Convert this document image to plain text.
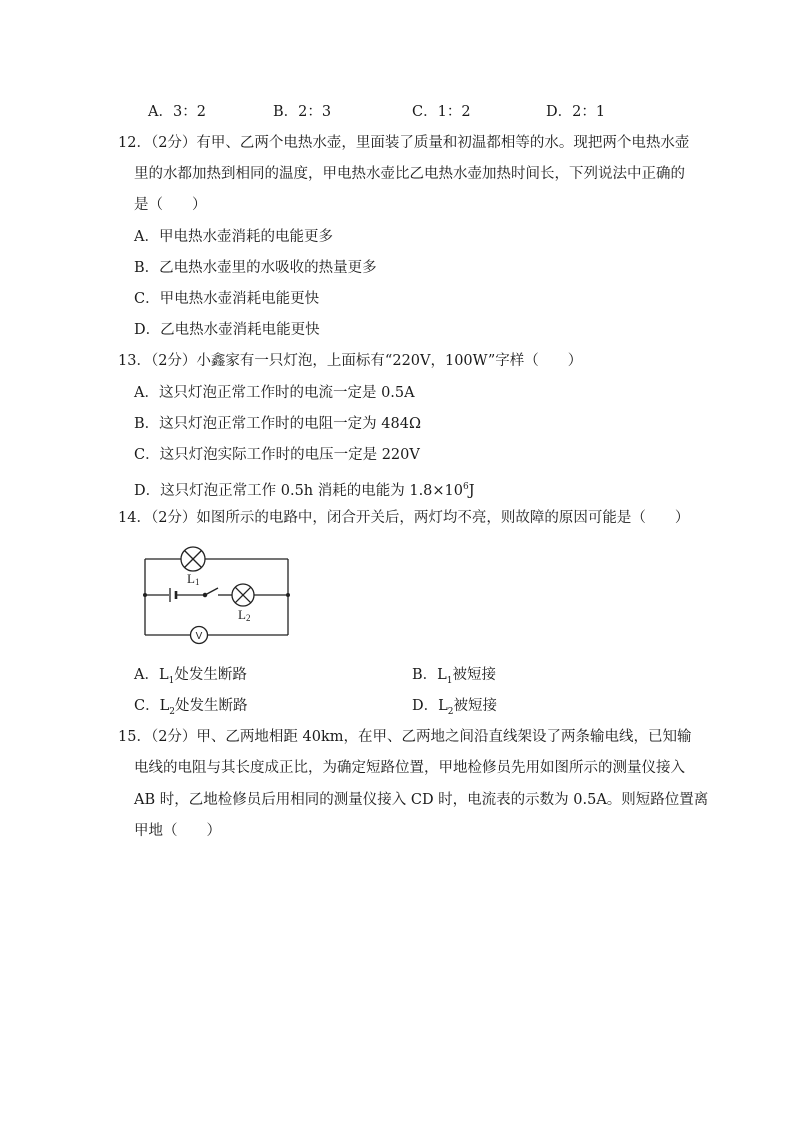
A．3：2	B．2：3	C．1：2	D．2：1
12．（2分）有甲、乙两个电热水壶，里面装了质量和初温都相等的水。现把两个电热水壶
里的水都加热到相同的温度，甲电热水壶比乙电热水壶加热时间长，下列说法中正确的
是（　　）
A．甲电热水壶消耗的电能更多
B．乙电热水壶里的水吸收的热量更多
C．甲电热水壶消耗电能更快
D．乙电热水壶消耗电能更快
13．（2分）小鑫家有一只灯泡，上面标有“220V，100W”字样（　　）
A．这只灯泡正常工作时的电流一定是 0.5A
B．这只灯泡正常工作时的电阻一定为 484Ω
C．这只灯泡实际工作时的电压一定是 220V
D．这只灯泡正常工作 0.5h 消耗的电能为 $1.8\times 10^6J$
14．（2分）如图所示的电路中，闭合开关后，两灯均不亮，则故障的原因可能是（　　）
V
L1
L2
A．$L_1$处发生断路	B．$L_1$被短接
C．$L_2$处发生断路	D．$L_2$被短接
15．（2分）甲、乙两地相距 40km，在甲、乙两地之间沿直线架设了两条输电线，已知输
电线的电阻与其长度成正比，为确定短路位置，甲地检修员先用如图所示的测量仪接入
AB 时，乙地检修员后用相同的测量仪接入 CD 时，电流表的示数为 0.5A。则短路位置离
甲地（　　）
